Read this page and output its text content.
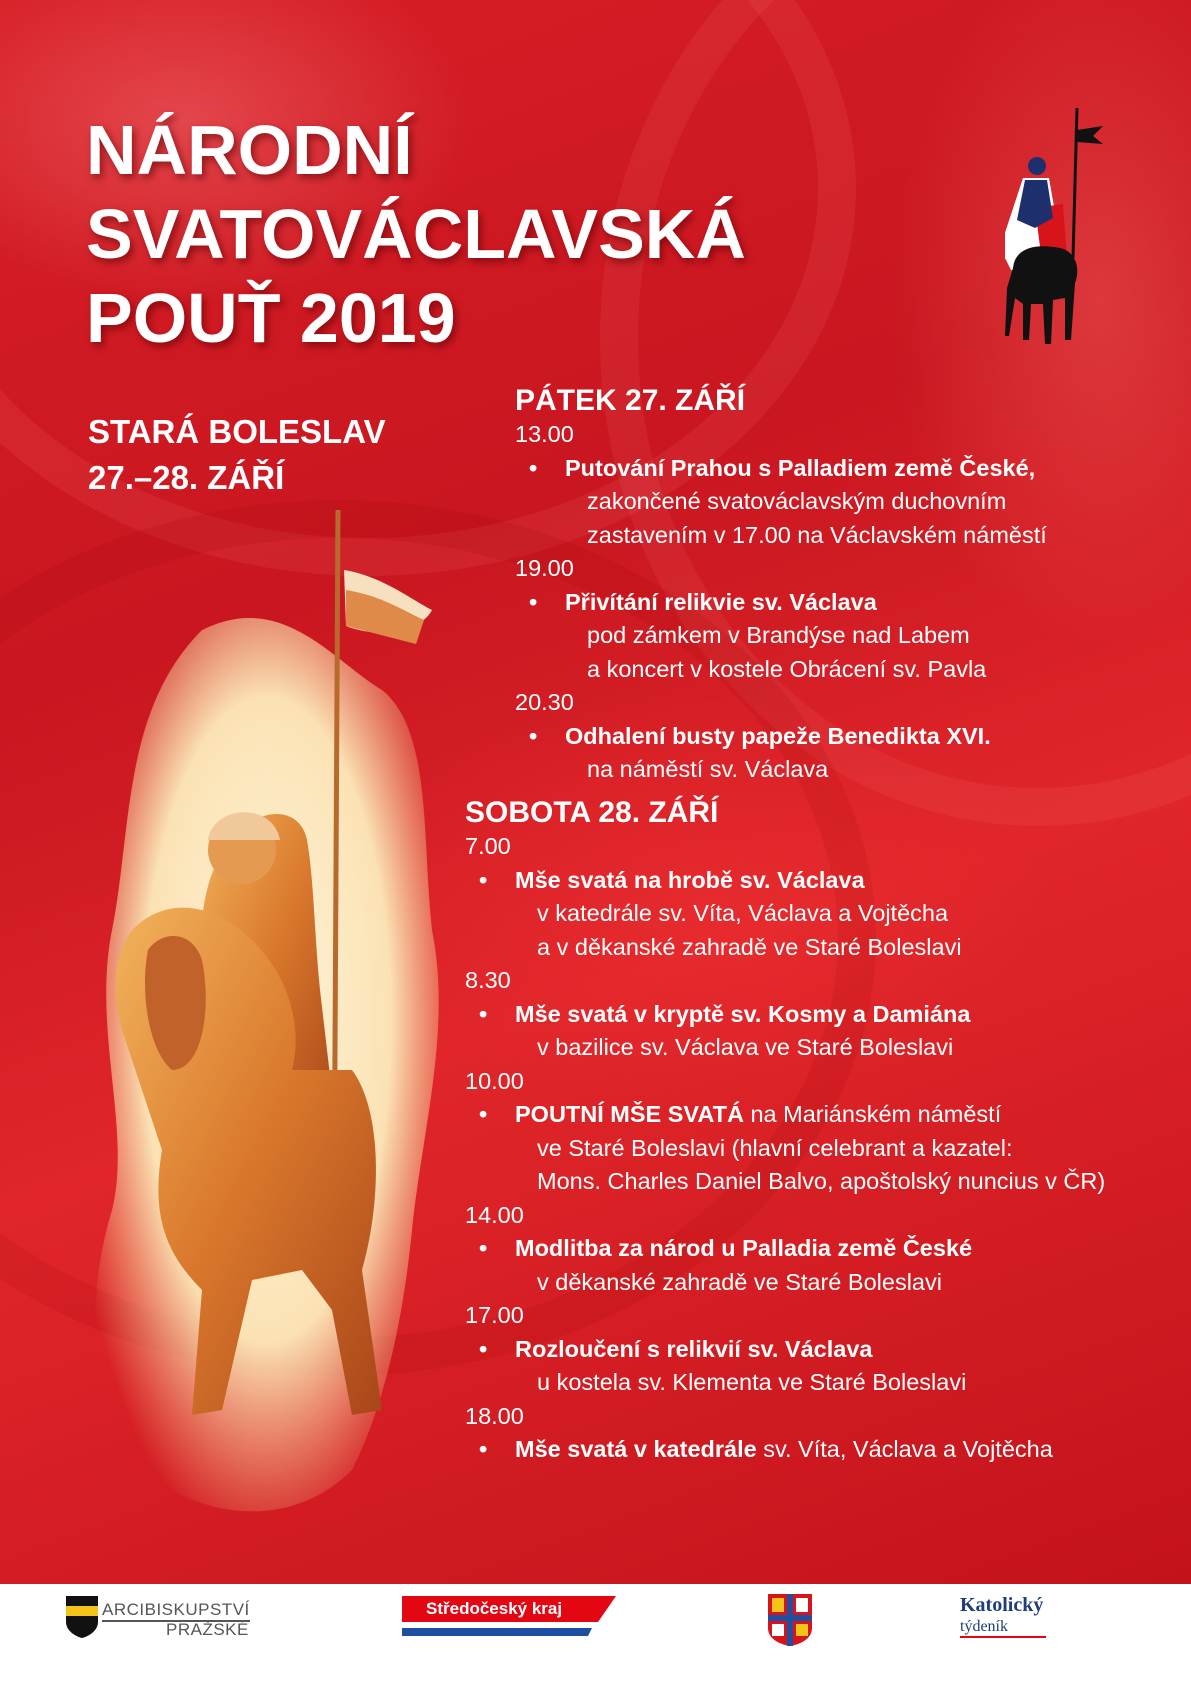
NÁRODNÍ
SVATOVÁCLAVSKÁ
POUŤ 2019
STARÁ BOLESLAV
27.–28. ZÁŘÍ
PÁTEK 27. ZÁŘÍ
13.00
• Putování Prahou s Palladiem země České,
zakončené svatováclavským duchovním
zastavením v 17.00 na Václavském náměstí
19.00
• Přivítání relikvie sv. Václava
pod zámkem v Brandýse nad Labem
a koncert v kostele Obrácení sv. Pavla
20.30
• Odhalení busty papeže Benedikta XVI.
na náměstí sv. Václava
SOBOTA 28. ZÁŘÍ
7.00
• Mše svatá na hrobě sv. Václava
v katedrále sv. Víta, Václava a Vojtěcha
a v děkanské zahradě ve Staré Boleslavi
8.30
• Mše svatá v kryptě sv. Kosmy a Damiána
v bazilice sv. Václava ve Staré Boleslavi
10.00
• POUTNÍ MŠE SVATÁ na Mariánském náměstí
ve Staré Boleslavi (hlavní celebrant a kazatel:
Mons. Charles Daniel Balvo, apoštolský nuncius v ČR)
14.00
• Modlitba za národ u Palladia země České
v děkanské zahradě ve Staré Boleslavi
17.00
• Rozloučení s relikvií sv. Václava
u kostela sv. Klementa ve Staré Boleslavi
18.00
• Mše svatá v katedrále sv. Víta, Václava a Vojtěcha
ARCIBISKUPSTVÍ
PRAŽSKÉ
Středočeský kraj	Katolický
týdeník
